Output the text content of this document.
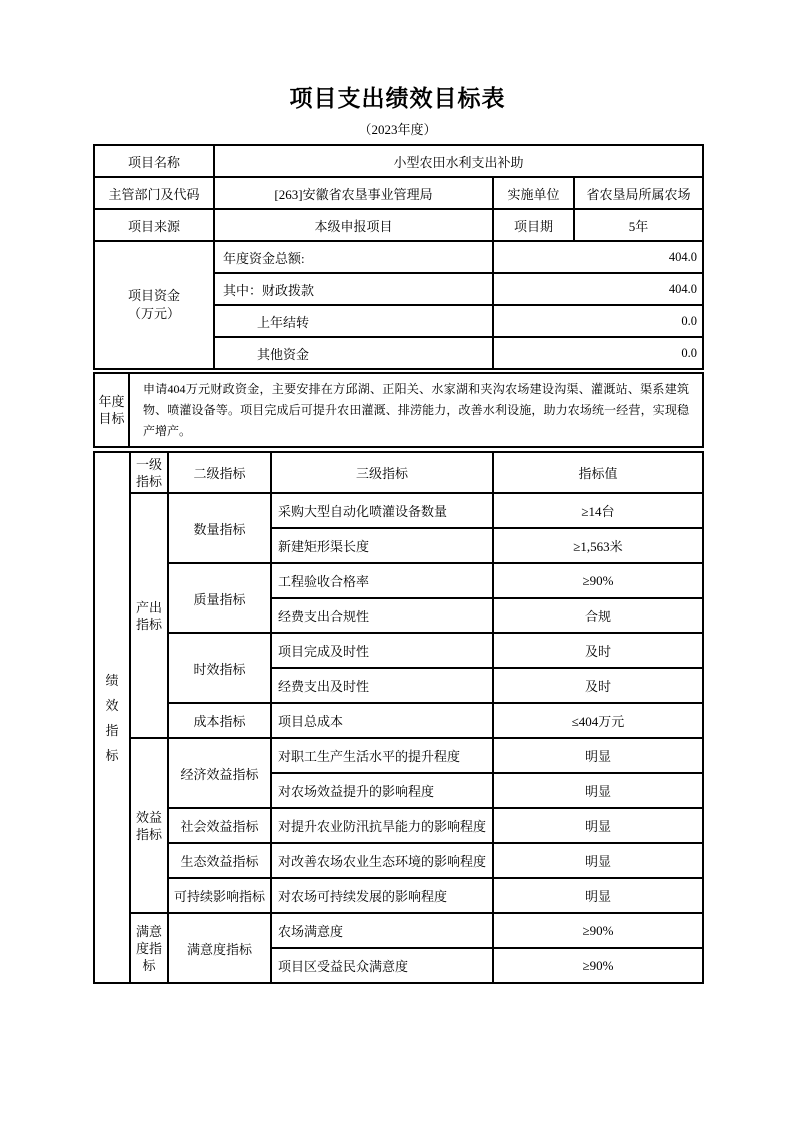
项目支出绩效目标表
（2023年度）
项目名称	小型农田水利支出补助		
主管部门及代码	[263]安徽省农垦事业管理局	实施单位	省农垦局所属农场
项目来源	本级申报项目	项目期	5年

项目资金（万元）	年度资金总额:	404.0	
	其中：财政拨款	404.0	
	上年结转	0.0	
	其他资金	0.0	
年度目标

申请404万元财政资金，主要安排在方邱湖、正阳关、水家湖和夹沟农场建设沟渠、灌溉站、渠系建筑物、喷灌设备等。项目完成后可提升农田灌溉、排涝能力，改善水利设施，助力农场统一经营，实现稳产增产。
绩效指标	一级指标	二级指标	三级指标	指标值

	产出指标	数量指标	采购大型自动化喷灌设备数量	≥14台
			新建矩形渠长度	≥1,563米
		质量指标	工程验收合格率	≥90%
			经费支出合规性	合规
		时效指标	项目完成及时性	及时
			经费支出及时性	及时
		成本指标	项目总成本	≤404万元

	效益指标	经济效益指标	对职工生产生活水平的提升程度	明显
			对农场效益提升的影响程度	明显
		社会效益指标	对提升农业防汛抗旱能力的影响程度	明显
		生态效益指标	对改善农场农业生态环境的影响程度	明显
		可持续影响指标	对农场可持续发展的影响程度	明显

	满意度指标	满意度指标	农场满意度	≥90%
			项目区受益民众满意度	≥90%
